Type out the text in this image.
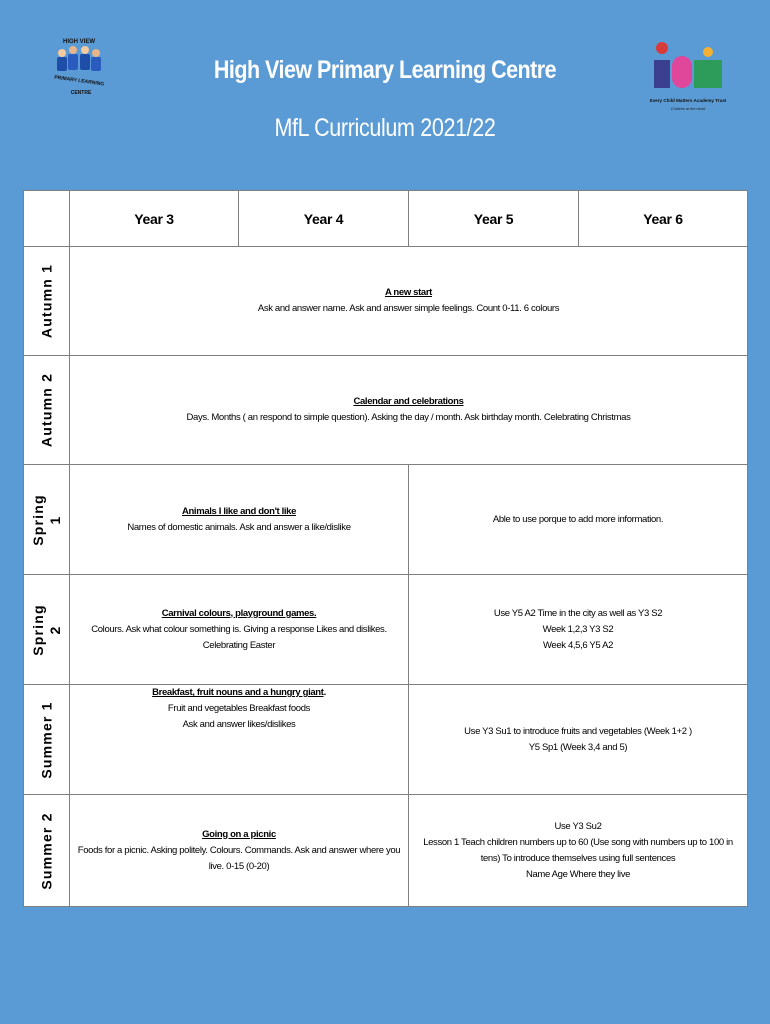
HIGH VIEW
PRIMARY LEARNING
CENTRE
Every Child Matters Academy Trust
Children at the heart
High View Primary Learning Centre
MfL Curriculum 2021/22
	Year 3	Year 4	Year 5	Year 6

Autumn 1	A new start
Ask and answer name. Ask and answer simple feelings. Count 0-11. 6 colours			

Autumn 2	Calendar and celebrations
Days. Months ( an respond to simple question). Asking the day / month. Ask birthday month. Celebrating Christmas			

Spring 1	Animals I like and don't like
Names of domestic animals. Ask and answer a like/dislike		Able to use porque to add more information.	

Spring 2	Carnival colours, playground games.
Colours. Ask what colour something is. Giving a response Likes and dislikes. Celebrating Easter		Use Y5 A2 Time in the city as well as Y3 S2
Week 1,2,3 Y3 S2
Week 4,5,6 Y5 A2	

Summer 1	Breakfast, fruit nouns and a hungry giant.
Fruit and vegetables Breakfast foods
Ask and answer likes/dislikes		Use Y3 Su1 to introduce fruits and vegetables (Week 1+2 )
Y5 Sp1 (Week 3,4 and 5)	

Summer 2	Going on a picnic
Foods for a picnic. Asking politely. Colours. Commands. Ask and answer where you live. 0-15 (0-20)		Use Y3 Su2
Lesson 1 Teach children numbers up to 60 (Use song with numbers up to 100 in tens) To introduce themselves using full sentences
Name Age Where they live	
